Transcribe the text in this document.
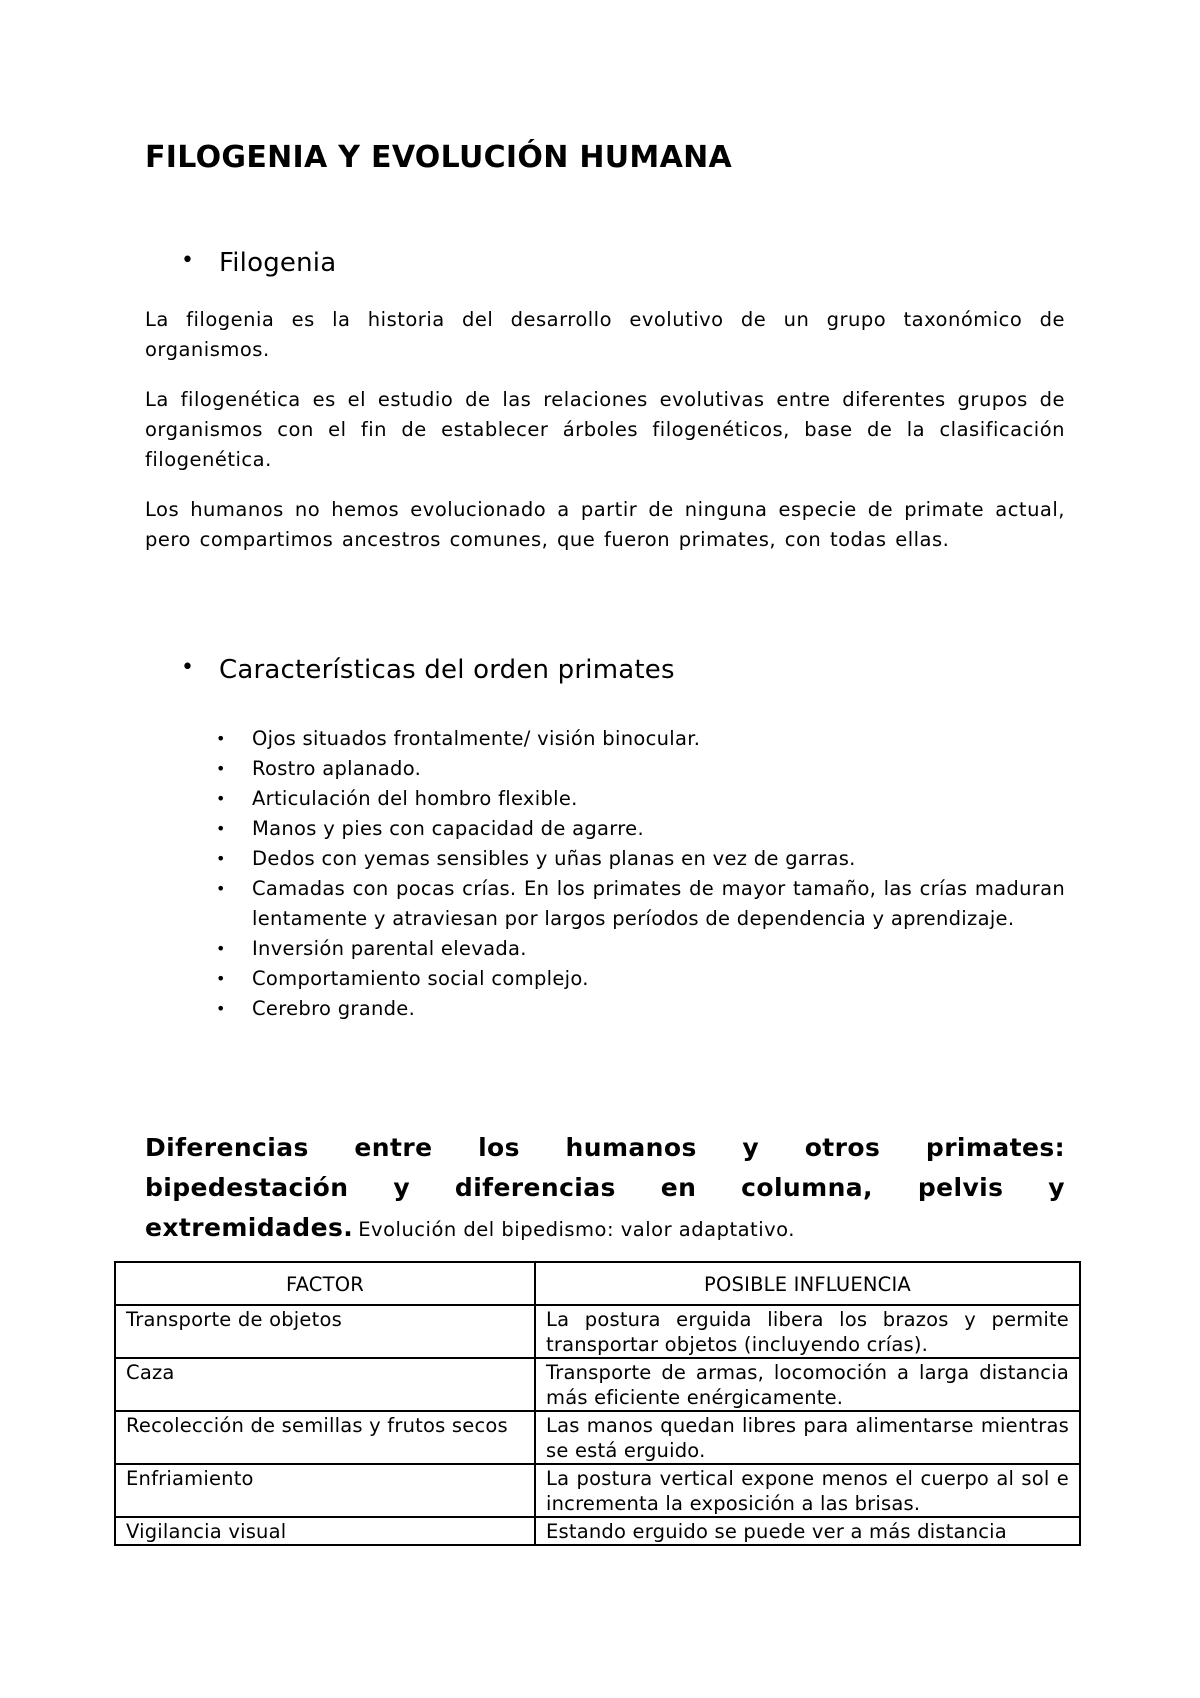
FILOGENIA Y EVOLUCIÓN HUMANA
• Filogenia

La filogenia es la historia del desarrollo evolutivo de un grupo taxonómico de organismos.

La filogenética es el estudio de las relaciones evolutivas entre diferentes grupos de organismos con el fin de establecer árboles filogenéticos, base de la clasificación filogenética.

Los humanos no hemos evolucionado a partir de ninguna especie de primate actual, pero compartimos ancestros comunes, que fueron primates, con todas ellas.

• Características del orden primates
• Ojos situados frontalmente/ visión binocular.
• Rostro aplanado.
• Articulación del hombro flexible.
• Manos y pies con capacidad de agarre.
• Dedos con yemas sensibles y uñas planas en vez de garras.
• Camadas con pocas crías. En los primates de mayor tamaño, las crías maduran lentamente y atraviesan por largos períodos de dependencia y aprendizaje.
• Inversión parental elevada.
• Comportamiento social complejo.
• Cerebro grande.

Diferencias entre los humanos y otros primates: bipedestación y diferencias en columna, pelvis y extremidades. Evolución del bipedismo: valor adaptativo.

FACTOR	POSIBLE INFLUENCIA
Transporte de objetos	La postura erguida libera los brazos y permite transportar objetos (incluyendo crías).
Caza	Transporte de armas, locomoción a larga distancia más eficiente enérgicamente.
Recolección de semillas y frutos secos	Las manos quedan libres para alimentarse mientras se está erguido.
Enfriamiento	La postura vertical expone menos el cuerpo al sol e incrementa la exposición a las brisas.
Vigilancia visual	Estando erguido se puede ver a más distancia
